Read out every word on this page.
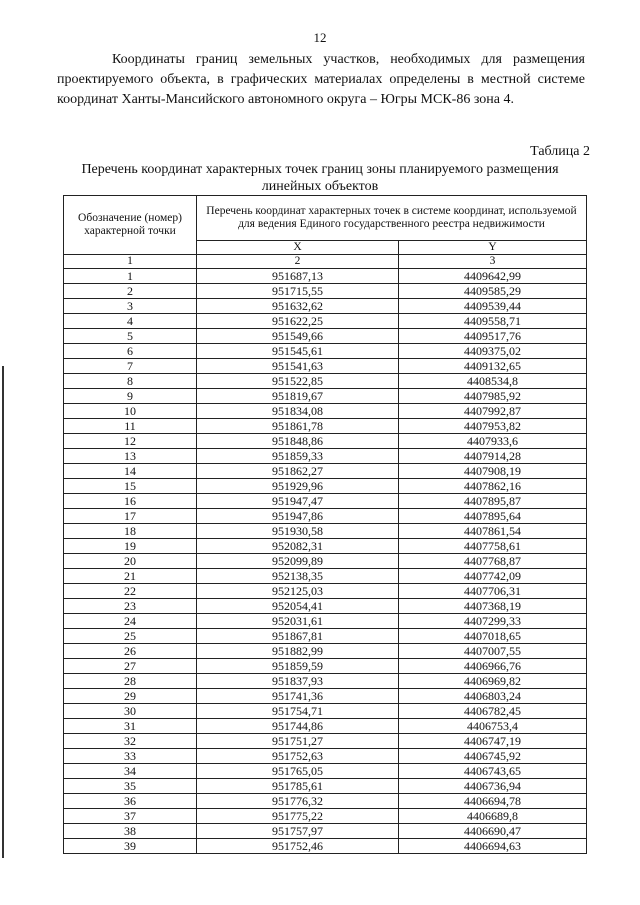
12

Координаты границ земельных участков, необходимых для размещения проектируемого объекта, в графических материалах определены в местной системе координат Ханты-Мансийского автономного округа – Югры МСК-86 зона 4.

Таблица 2
Перечень координат характерных точек границ зоны планируемого размещения линейных объектов
Обозначение (номер) характерной точки	Перечень координат характерных точек в системе координат, используемой для ведения Единого государственного реестра недвижимости	
	X	Y
1	2	3
1	951687,13	4409642,99
2	951715,55	4409585,29
3	951632,62	4409539,44
4	951622,25	4409558,71
5	951549,66	4409517,76
6	951545,61	4409375,02
7	951541,63	4409132,65
8	951522,85	4408534,8
9	951819,67	4407985,92
10	951834,08	4407992,87
11	951861,78	4407953,82
12	951848,86	4407933,6
13	951859,33	4407914,28
14	951862,27	4407908,19
15	951929,96	4407862,16
16	951947,47	4407895,87
17	951947,86	4407895,64
18	951930,58	4407861,54
19	952082,31	4407758,61
20	952099,89	4407768,87
21	952138,35	4407742,09
22	952125,03	4407706,31
23	952054,41	4407368,19
24	952031,61	4407299,33
25	951867,81	4407018,65
26	951882,99	4407007,55
27	951859,59	4406966,76
28	951837,93	4406969,82
29	951741,36	4406803,24
30	951754,71	4406782,45
31	951744,86	4406753,4
32	951751,27	4406747,19
33	951752,63	4406745,92
34	951765,05	4406743,65
35	951785,61	4406736,94
36	951776,32	4406694,78
37	951775,22	4406689,8
38	951757,97	4406690,47
39	951752,46	4406694,63
